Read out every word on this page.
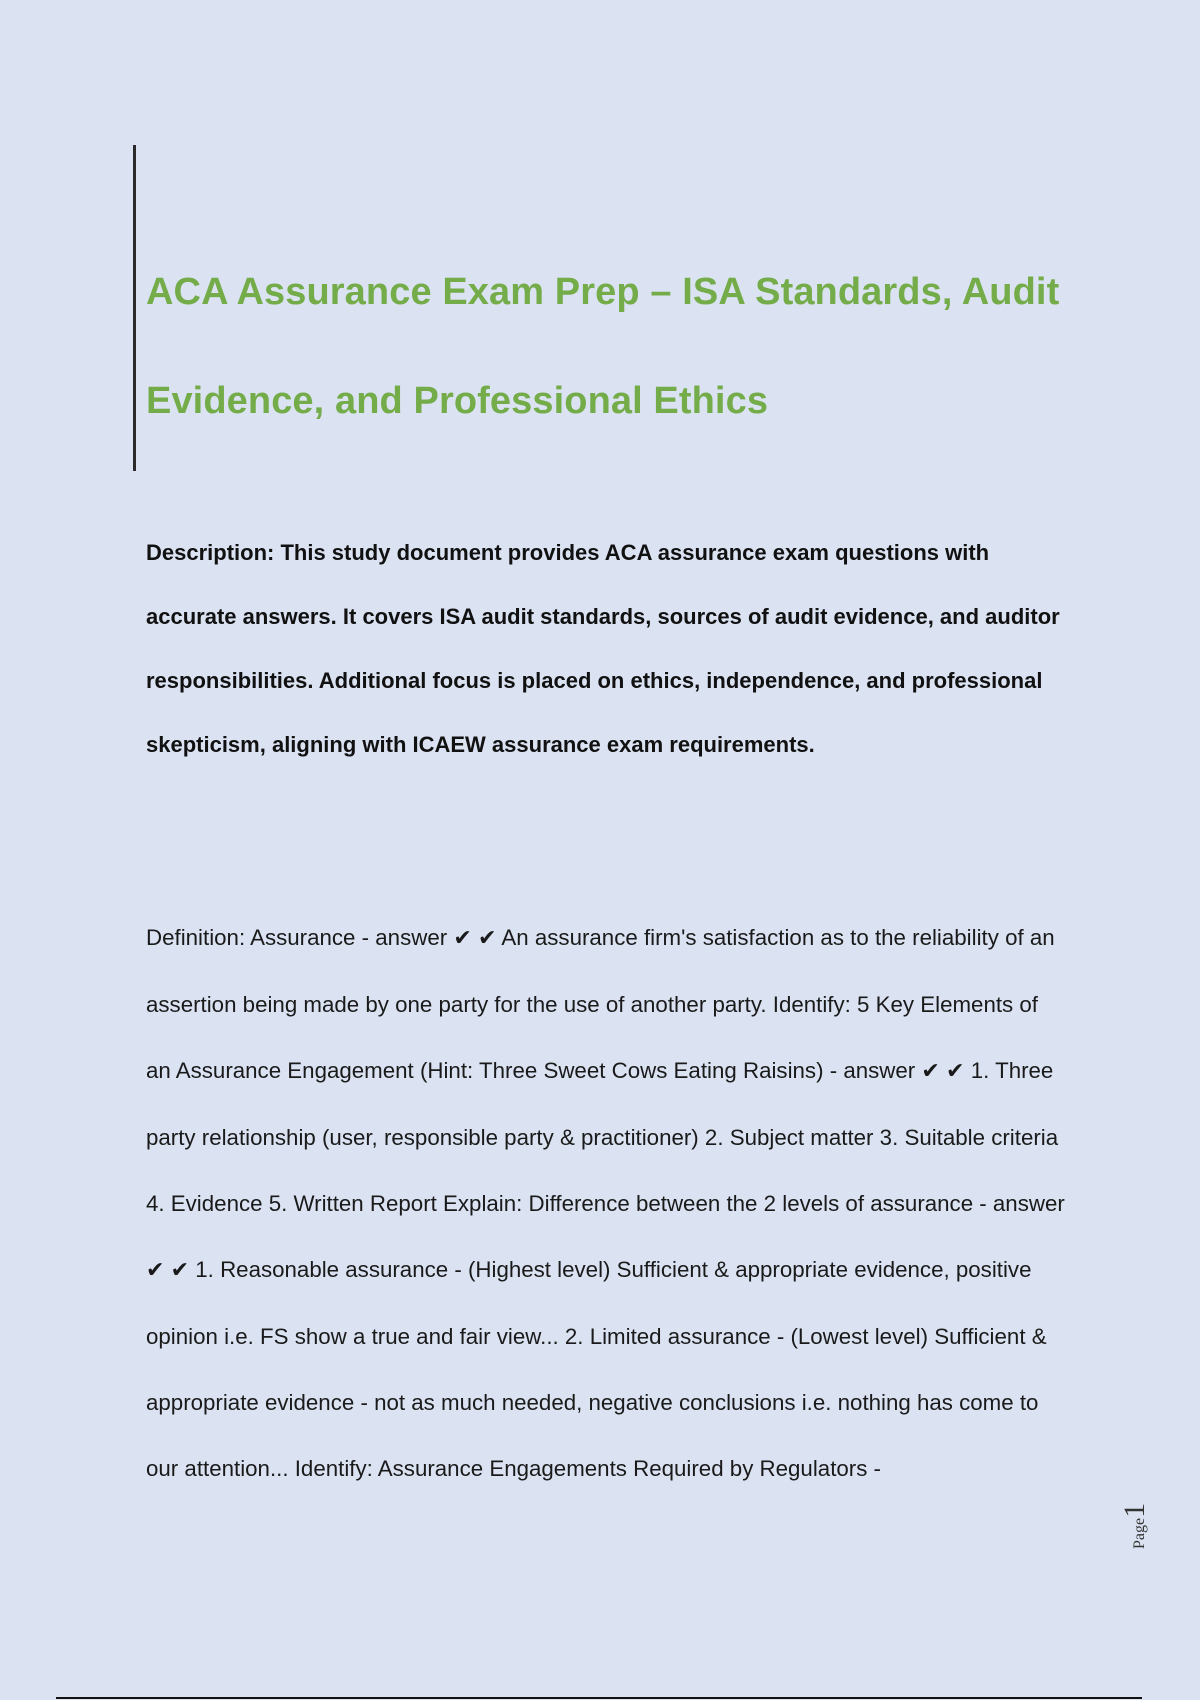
ACA Assurance Exam Prep – ISA Standards, Audit Evidence, and Professional Ethics

Description: This study document provides ACA assurance exam questions with accurate answers. It covers ISA audit standards, sources of audit evidence, and auditor responsibilities. Additional focus is placed on ethics, independence, and professional skepticism, aligning with ICAEW assurance exam requirements.

Definition: Assurance - answer ✔ ✔ An assurance firm's satisfaction as to the reliability of an assertion being made by one party for the use of another party. Identify: 5 Key Elements of an Assurance Engagement (Hint: Three Sweet Cows Eating Raisins) - answer ✔ ✔ 1. Three party relationship (user, responsible party & practitioner) 2. Subject matter 3. Suitable criteria 4. Evidence 5. Written Report Explain: Difference between the 2 levels of assurance - answer ✔ ✔ 1. Reasonable assurance - (Highest level) Sufficient & appropriate evidence, positive opinion i.e. FS show a true and fair view... 2. Limited assurance - (Lowest level) Sufficient & appropriate evidence - not as much needed, negative conclusions i.e. nothing has come to our attention... Identify: Assurance Engagements Required by Regulators -

Page1
